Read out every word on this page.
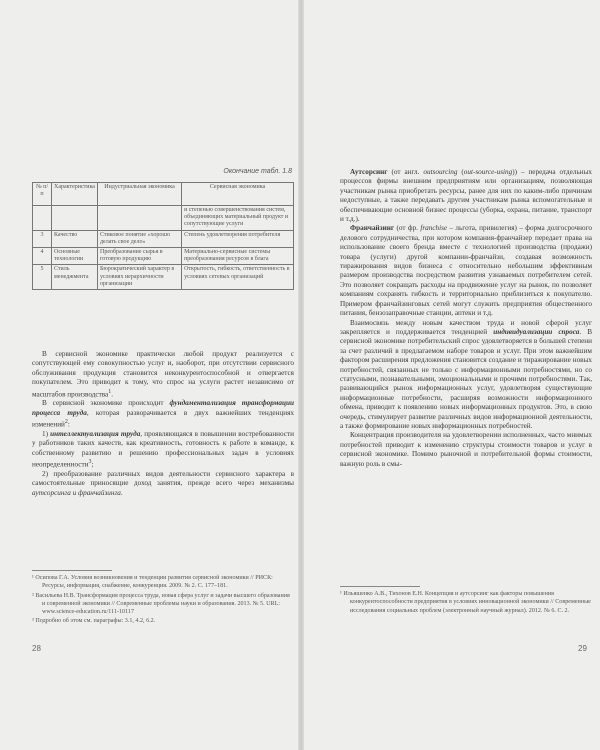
Окончание табл. 1.8
№ п/п	Характеристика	Индустриальная экономика	Сервисная экономика
			и степенью совершенствования систем, объединяющих материальный продукт и сопутствующие услуги
3	Качество	Стиковое понятие «хорошо делать свое дело»	Степень удовлетворения потребителя
4	Основные технологии	Преобразование сырья в готовую продукцию	Материально-сервисные системы преобразования ресурсов в блага
5	Стиль менеджмента	Бюрократический характер в условиях иерархичности организации	Открытость, гибкость, ответственность в условиях сетевых организаций

В сервисной экономике практически любой продукт реализуется с сопутствующей ему совокупностью услуг и, наоборот, при отсутствии сервисного обслуживания продукция становится неконкурентоспособной и отвергается покупателем. Это приводит к тому, что спрос на услуги растет независимо от масштабов производства$^1$.

В сервисной экономике происходит фундаментализация трансформации процесса труда, которая разворачивается в двух важнейших тенденциях изменений$^2$:

1) интеллектуализация труда, проявляющаяся в повышении востребованности у работников таких качеств, как креативность, готовность к работе в команде, к собственному развитию и решению профессиональных задач в условиях неопределенности$^3$;

2) преобразование различных видов деятельности сервисного характера в самостоятельные приносящие доход занятия, прежде всего через механизмы аутсорсинга и франчайзинга.

¹ Осипова Г.А. Условия возникновения и тенденции развития сервисной экономики // РИСК: Ресурсы, информация, снабжение, конкуренция. 2009. № 2. С. 177–181.

² Васильева Н.В. Трансформация процесса труда, новая сфера услуг и задачи высшего образования и современной экономики // Современные проблемы науки и образования. 2013. № 5. URL: www.science-education.ru/111-10117

³ Подробно об этом см. параграфы: 3.1, 4.2, 6.2.

28

Аутсорсинг (от англ. outsourcing (out-source-using)) – передача отдельных процессов фирмы внешним предприятиям или организациям, позволяющая участникам рынка приобретать ресурсы, ранее для них по каким-либо причинам недоступные, а также передавать другим участникам рынка вспомогательные и обеспечивающие основной бизнес процессы (уборка, охрана, питание, транспорт и т.д.).

Франчайзинг (от фр. franchise – льгота, привилегия) – форма долгосрочного делового сотрудничества, при котором компания-франчайзер передает права на использование своего бренда вместе с технологией производства (продажи) товара (услуги) другой компании-франчайзи, создавая возможность тиражирования видов бизнеса с относительно небольшим эффективным размером производства посредством развития узнаваемых потребителем сетей. Это позволяет сокращать расходы на продвижение услуг на рынок, по позволяет компаниям сохранять гибкость и территориально приблизиться к покупателю. Примером франчайзинговых сетей могут служить предприятия общественного питания, бензозаправочные станции, аптеки и т.д.

Взаимосвязь между новым качеством труда и новой сферой услуг закрепляется и поддерживается тенденцией индивидуализации спроса. В сервисной экономике потребительский спрос удовлетворяется в большей степени за счет различий в предлагаемом наборе товаров и услуг. При этом важнейшим фактором расширения предложения становится создание и тиражирование новых потребностей, связанных не только с информационными потребностями, но со статусными, познавательными, эмоциональными и прочими потребностями. Так, развивающийся рынок информационных услуг, удовлетворяя существующие информационные потребности, расширяя возможности информационного обмена, приводит к появлению новых информационных продуктов. Это, в свою очередь, стимулирует развитие различных видов информационной деятельности, а также формирование новых информационных потребностей.

Концентрация производителя на удовлетворении исполненных, часто мнимых потребностей приводит к изменению структуры стоимости товаров и услуг в сервисной экономике. Помимо рыночной и потребительной формы стоимости, важную роль в смы-

¹ Ильяшенко А.В., Тихонов Е.Н. Концепция и аутсорсинг как факторы повышения конкурентоспособности предприятия в условиях инновационной экономики // Современные исследования социальных проблем (электронный научный журнал). 2012. № 6. С. 2.

29
